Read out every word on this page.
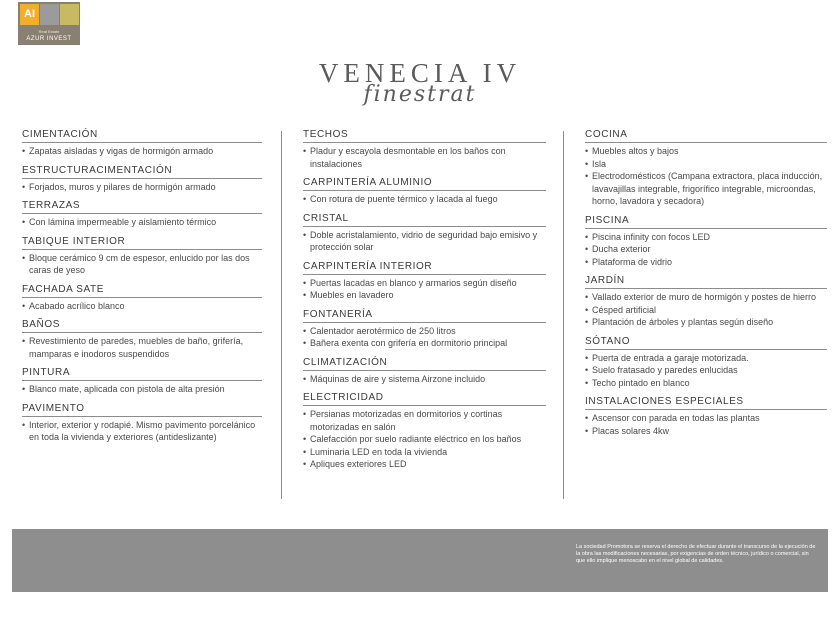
AI
Real Estate
AZUR INVEST
VENECIA IV
finestrat
CIMENTACIÓN
• Zapatas aisladas y vigas de hormigón armado
ESTRUCTURACIMENTACIÓN
• Forjados, muros y pilares de hormigón armado
TERRAZAS
• Con lámina impermeable y aislamiento térmico
TABIQUE INTERIOR
• Bloque cerámico 9 cm de espesor, enlucido por las dos caras de yeso
FACHADA SATE
• Acabado acrílico blanco
BAÑOS
• Revestimiento de paredes, muebles de baño, grifería, mamparas e inodoros suspendidos
PINTURA
• Blanco mate, aplicada con pistola de alta presión
PAVIMENTO
• Interior, exterior y rodapié. Mismo pavimento porcelánico en toda la vivienda y exteriores (antideslizante)
TECHOS
• Pladur y escayola desmontable en los baños con instalaciones
CARPINTERÍA ALUMINIO
• Con rotura de puente térmico y lacada al fuego
CRISTAL
• Doble acristalamiento, vidrio de seguridad bajo emisivo y protección solar
CARPINTERÍA INTERIOR
• Puertas lacadas en blanco y armarios según diseño
• Muebles en lavadero
FONTANERÍA
• Calentador aerotérmico de 250 litros
• Bañera exenta con grifería en dormitorio principal
CLIMATIZACIÓN
• Máquinas de aire y sistema Airzone incluido
ELECTRICIDAD
• Persianas motorizadas en dormitorios y cortinas motorizadas en salón
• Calefacción por suelo radiante eléctrico en los baños
• Luminaria LED en toda la vivienda
• Apliques exteriores LED
COCINA
• Muebles altos y bajos
• Isla
• Electrodomésticos (Campana extractora, placa inducción, lavavajillas integrable, frigorífico integrable, microondas, horno, lavadora y secadora)
PISCINA
• Piscina infinity con focos LED
• Ducha exterior
• Plataforma de vidrio
JARDÍN
• Vallado exterior de muro de hormigón y postes de hierro
• Césped artificial
• Plantación de árboles y plantas según diseño
SÓTANO
• Puerta de entrada a garaje motorizada.
• Suelo fratasado y paredes enlucidas
• Techo pintado en blanco
INSTALACIONES ESPECIALES
• Ascensor con parada en todas las plantas
• Placas solares 4kw
La sociedad Promotora se reserva el derecho de efectuar durante el transcurso de la ejecución de la obra las modificaciones necesarias, por exigencias de orden técnico, jurídico o comercial, sin que ello implique menoscabo en el nivel global de calidades.
